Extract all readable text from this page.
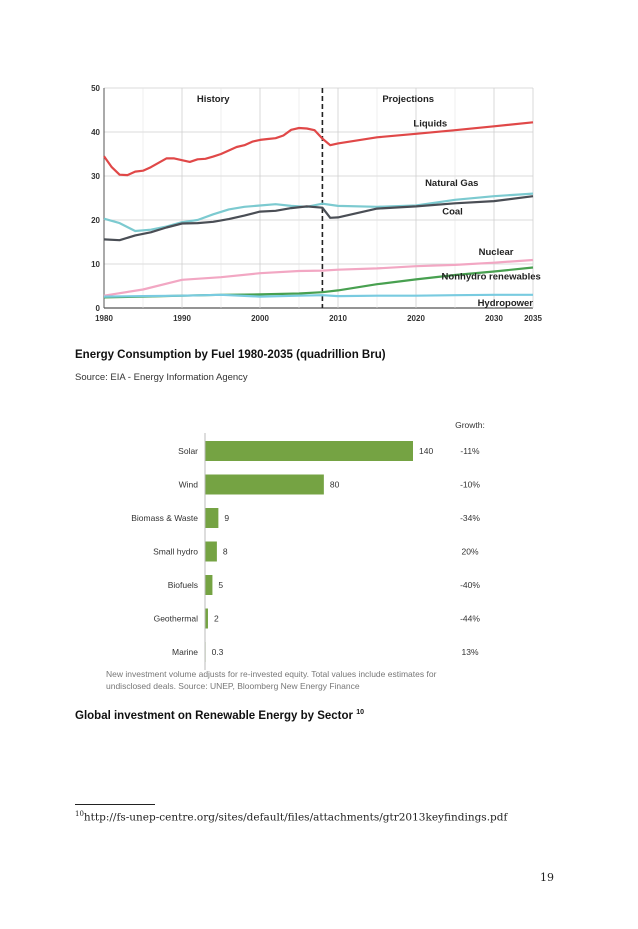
0
10
20
30
40
50
1980	1990	2000	2010	2020	2030	2035
History	Projections
Liquids
Natural Gas
Coal
Nuclear
Nonhydro renewables
Hydropower
Energy Consumption by Fuel 1980-2035 (quadrillion Bru)
Source: EIA - Energy Information Agency
Growth:
Solar	140	-11%
Wind	80	-10%
Biomass & Waste	9	-34%
Small hydro	8	20%
Biofuels 5	-40%
Geothermal 2	-44%
Marine 0.3	13%
New investment volume adjusts for re-invested equity. Total values include estimates for
undisclosed deals. Source: UNEP, Bloomberg New Energy Finance
Global investment on Renewable Energy by Sector $^{10}$
$^{10}$http://fs-unep-centre.org/sites/default/files/attachments/gtr2013keyfindings.pdf
19
